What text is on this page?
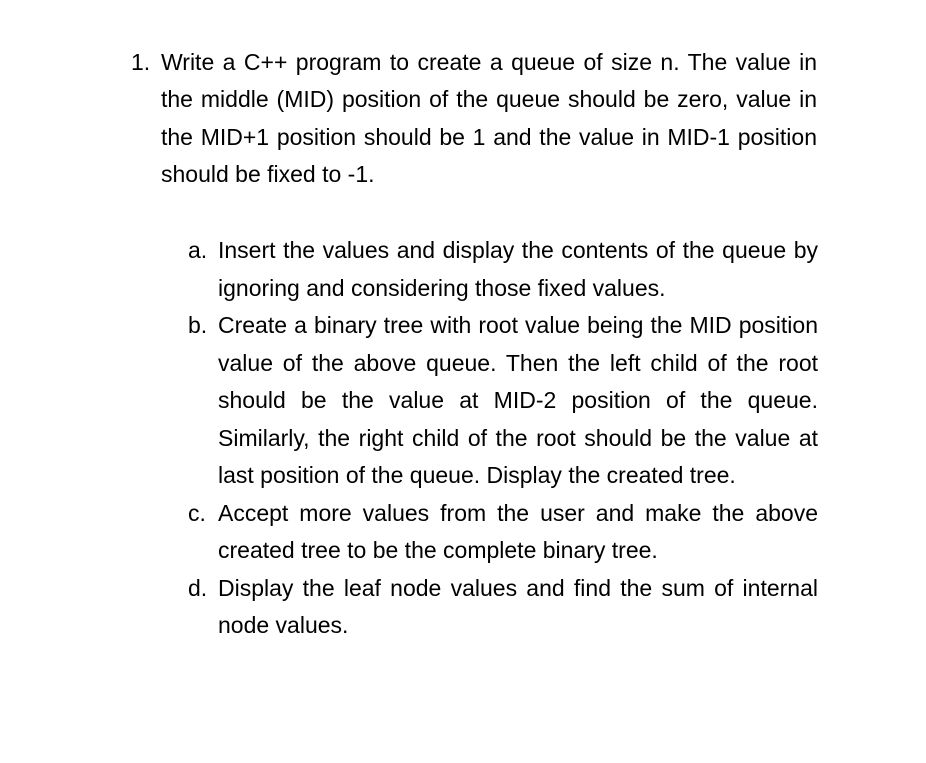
1. Write a C++ program to create a queue of size n. The value in the middle (MID) position of the queue should be zero, value in the MID+1 position should be 1 and the value in MID-1 position should be fixed to -1.

a. Insert the values and display the contents of the queue by ignoring and considering those fixed values.

b. Create a binary tree with root value being the MID position value of the above queue. Then the left child of the root should be the value at MID-2 position of the queue. Similarly, the right child of the root should be the value at last position of the queue. Display the created tree.

c. Accept more values from the user and make the above created tree to be the complete binary tree.

d. Display the leaf node values and find the sum of internal node values.
